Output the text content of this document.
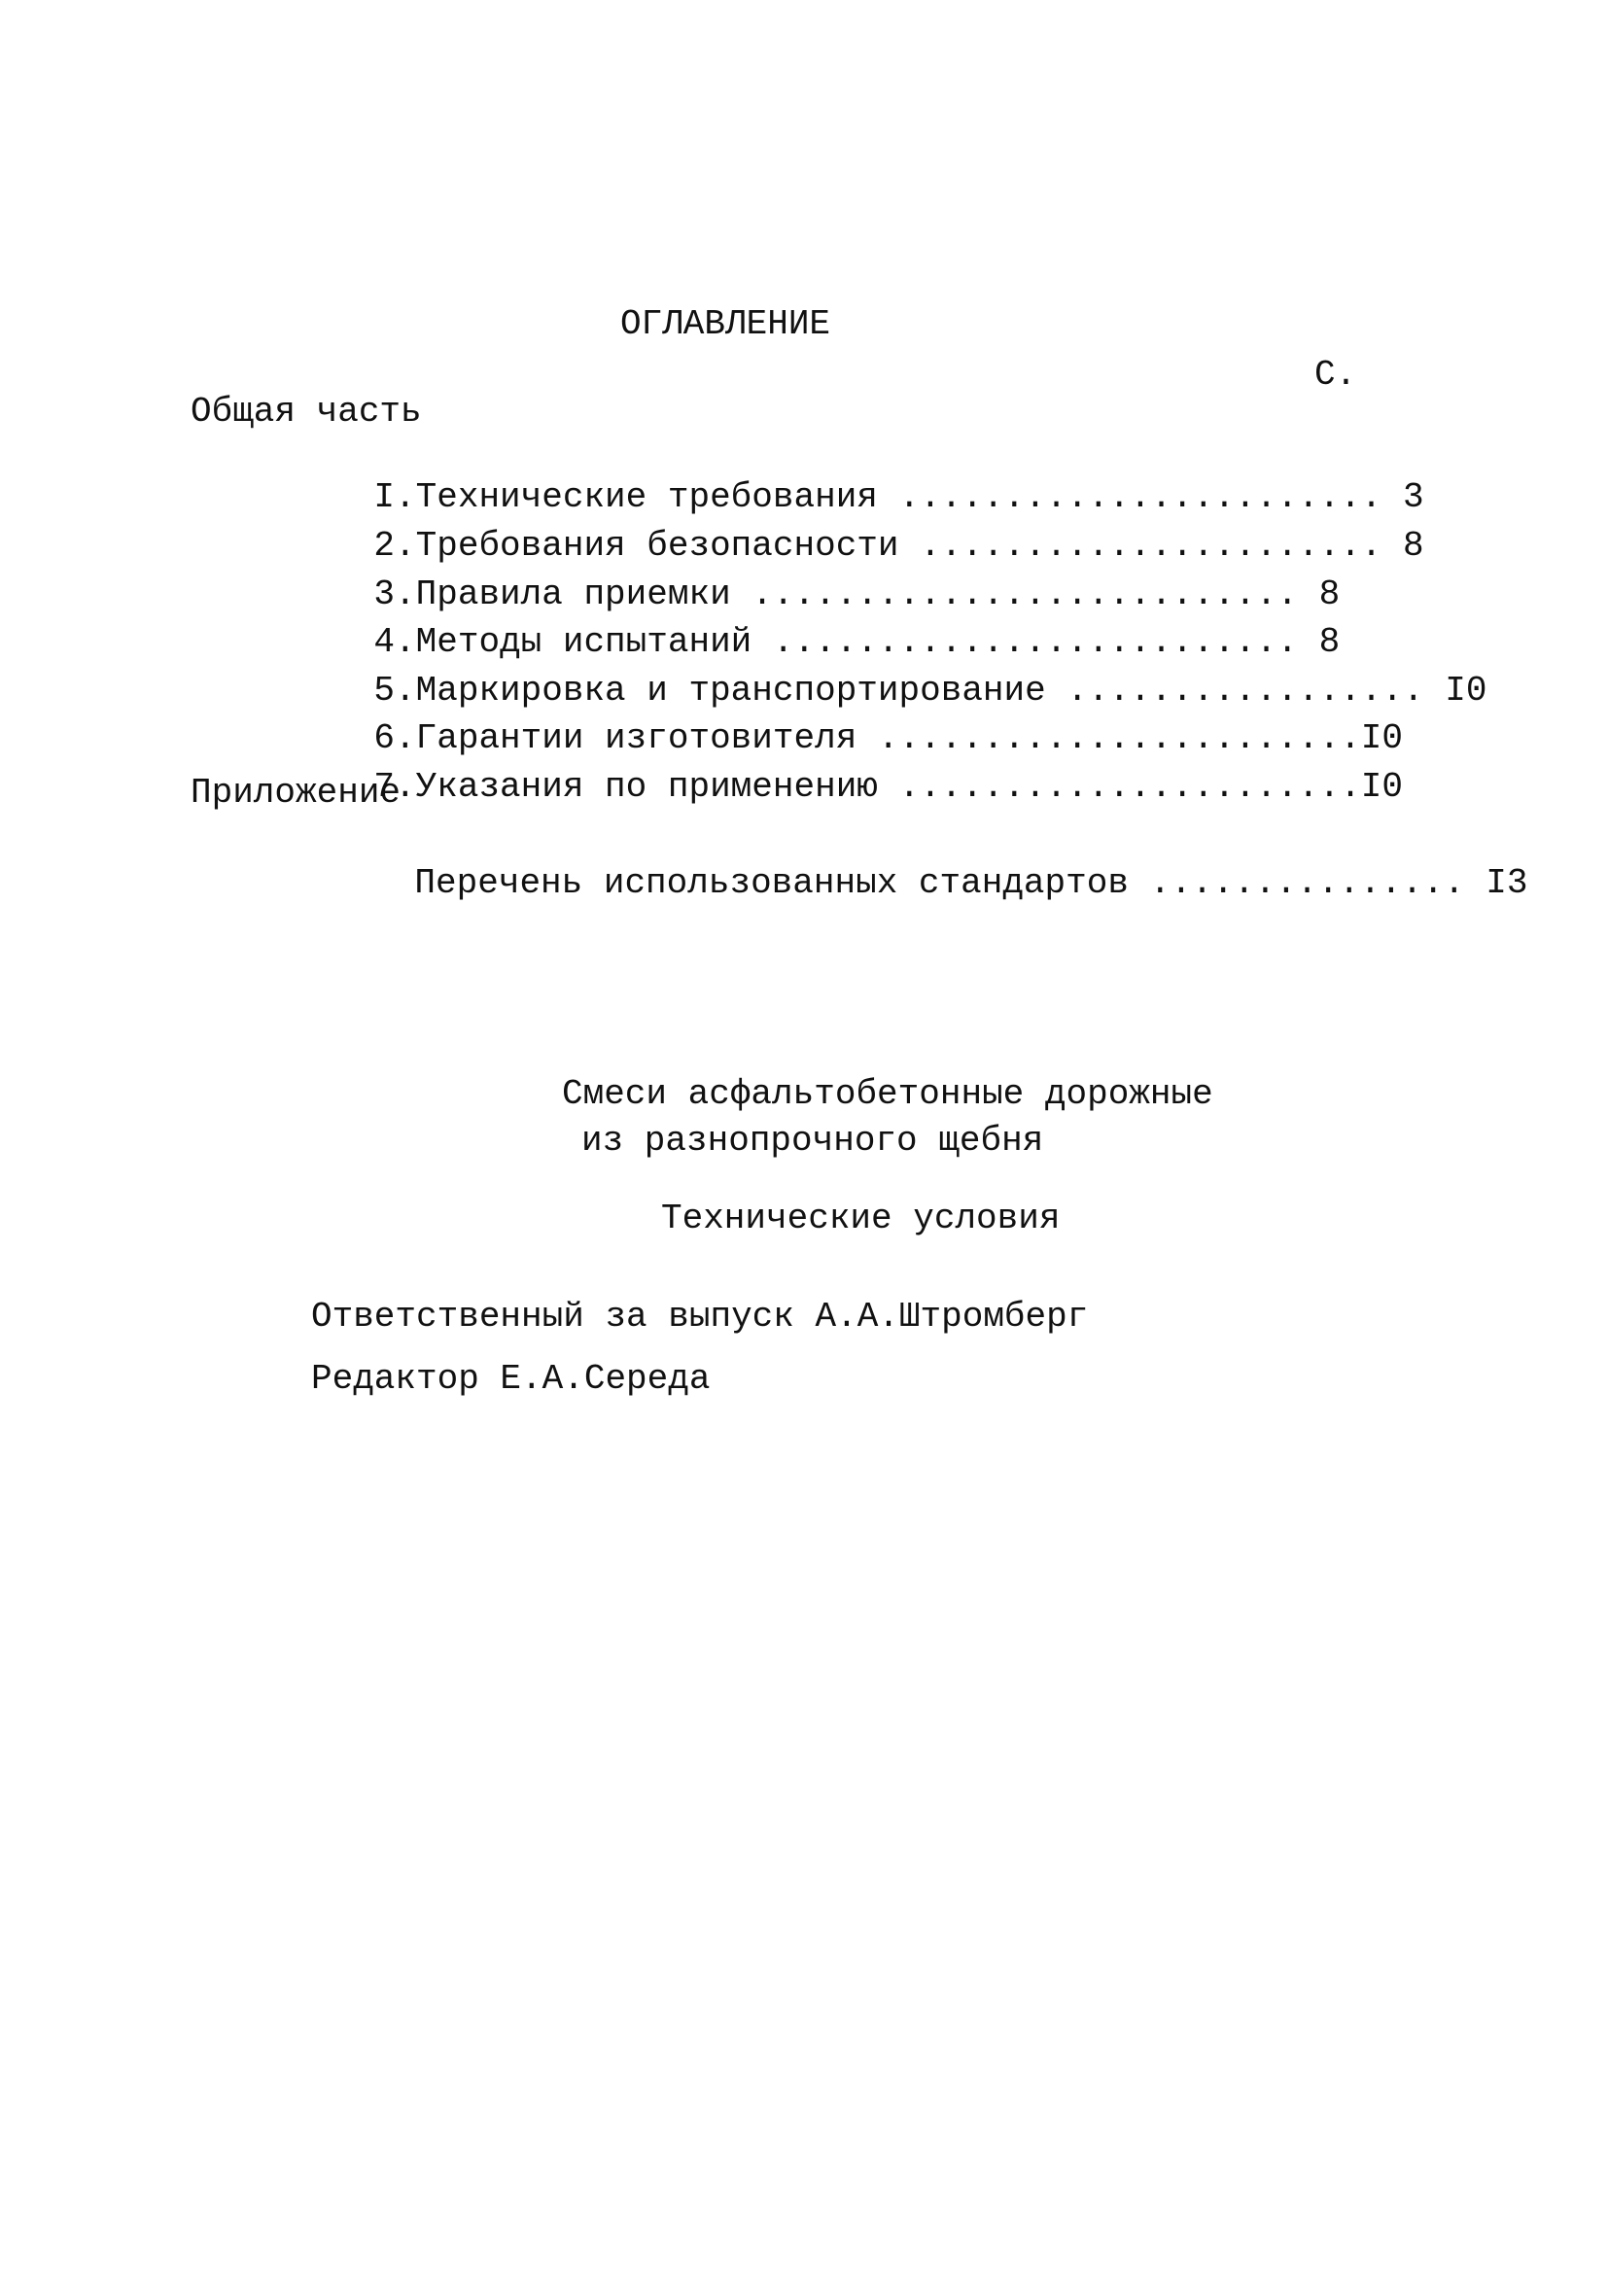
ОГЛАВЛЕНИЕ
С.
Общая часть

I.Технические требования ....................... 3

2.Требования безопасности ...................... 8

3.Правила приемки .......................... 8

4.Методы испытаний ......................... 8

5.Маркировка и транспортирование ................. I0

6.Гарантии изготовителя .......................I0

7.Указания по применению ......................I0

Приложение

Перечень использованных стандартов ............... I3

Смеси асфальтобетонные дорожные
из разнопрочного щебня
Технические условия
Ответственный за выпуск А.А.Штромберг
Редактор Е.А.Середа
